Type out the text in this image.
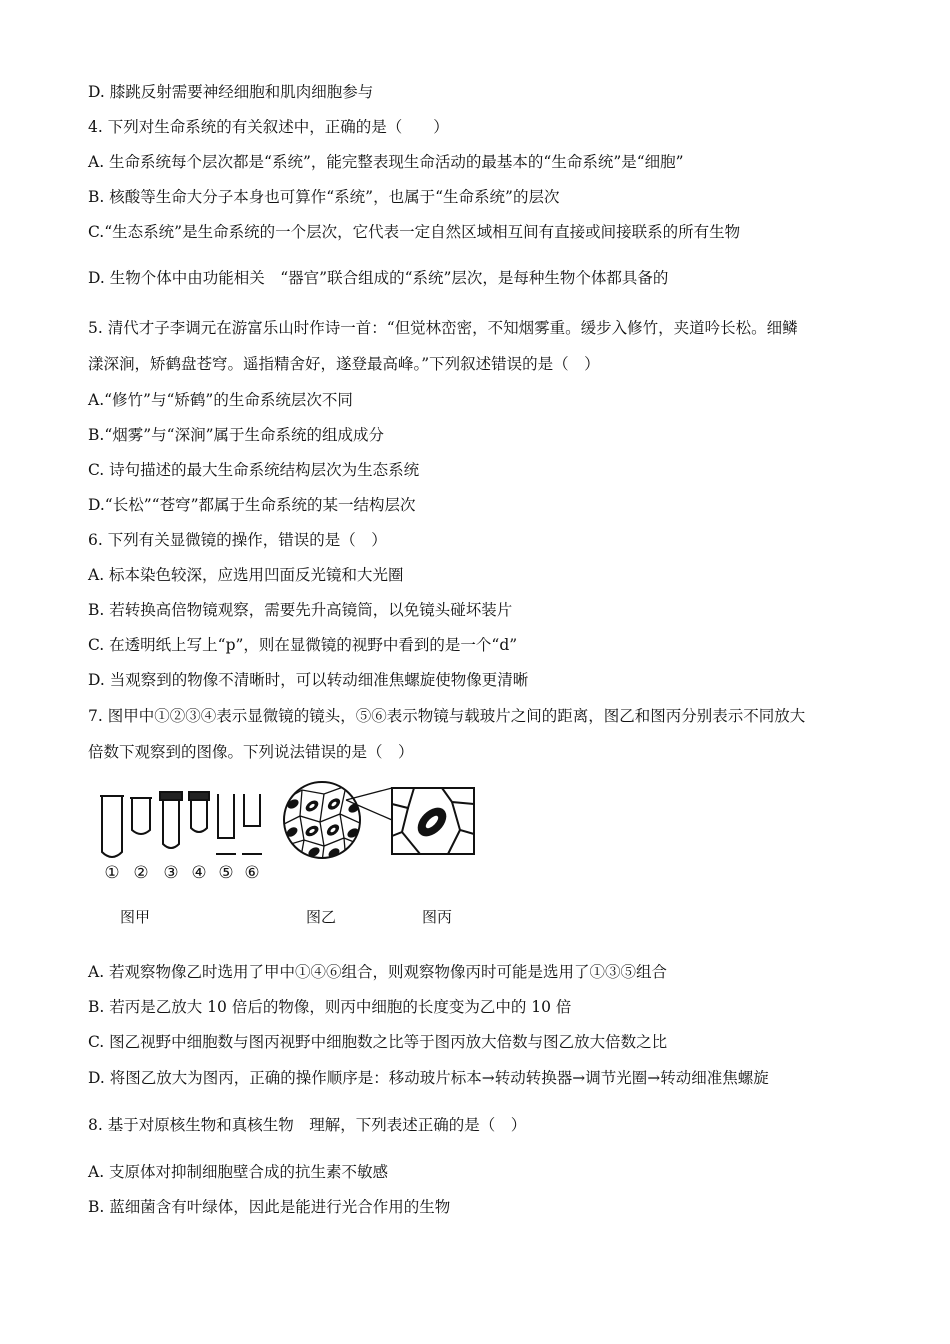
D. 膝跳反射需要神经细胞和肌肉细胞参与
4. 下列对生命系统的有关叙述中，正确的是（　　）
A. 生命系统每个层次都是“系统”，能完整表现生命活动的最基本的“生命系统”是“细胞”
B. 核酸等生命大分子本身也可算作“系统”，也属于“生命系统”的层次
C.“生态系统”是生命系统的一个层次，它代表一定自然区域相互间有直接或间接联系的所有生物
D. 生物个体中由功能相关　“器官”联合组成的“系统”层次，是每种生物个体都具备的
5. 清代才子李调元在游富乐山时作诗一首：“但觉林峦密，不知烟雾重。缓步入修竹，夹道吟长松。细鳞
漾深涧，矫鹤盘苍穹。遥指精舍好，遂登最高峰。”下列叙述错误的是（　）
A.“修竹”与“矫鹤”的生命系统层次不同
B.“烟雾”与“深涧”属于生命系统的组成成分
C. 诗句描述的最大生命系统结构层次为生态系统
D.“长松”“苍穹”都属于生命系统的某一结构层次
6. 下列有关显微镜的操作，错误的是（　）
A. 标本染色较深，应选用凹面反光镜和大光圈
B. 若转换高倍物镜观察，需要先升高镜筒，以免镜头碰坏装片
C. 在透明纸上写上“p”，则在显微镜的视野中看到的是一个“d”
D. 当观察到的物像不清晰时，可以转动细准焦螺旋使物像更清晰
7. 图甲中①②③④表示显微镜的镜头，⑤⑥表示物镜与载玻片之间的距离，图乙和图丙分别表示不同放大
倍数下观察到的图像。下列说法错误的是（　）
① ② ③ ④ ⑤ ⑥
图甲	图乙	图丙
A. 若观察物像乙时选用了甲中①④⑥组合，则观察物像丙时可能是选用了①③⑤组合
B. 若丙是乙放大 10 倍后的物像，则丙中细胞的长度变为乙中的 10 倍
C. 图乙视野中细胞数与图丙视野中细胞数之比等于图丙放大倍数与图乙放大倍数之比
D. 将图乙放大为图丙，正确的操作顺序是：移动玻片标本→转动转换器→调节光圈→转动细准焦螺旋
8. 基于对原核生物和真核生物　理解，下列表述正确的是（　）
A. 支原体对抑制细胞壁合成的抗生素不敏感
B. 蓝细菌含有叶绿体，因此是能进行光合作用的生物
